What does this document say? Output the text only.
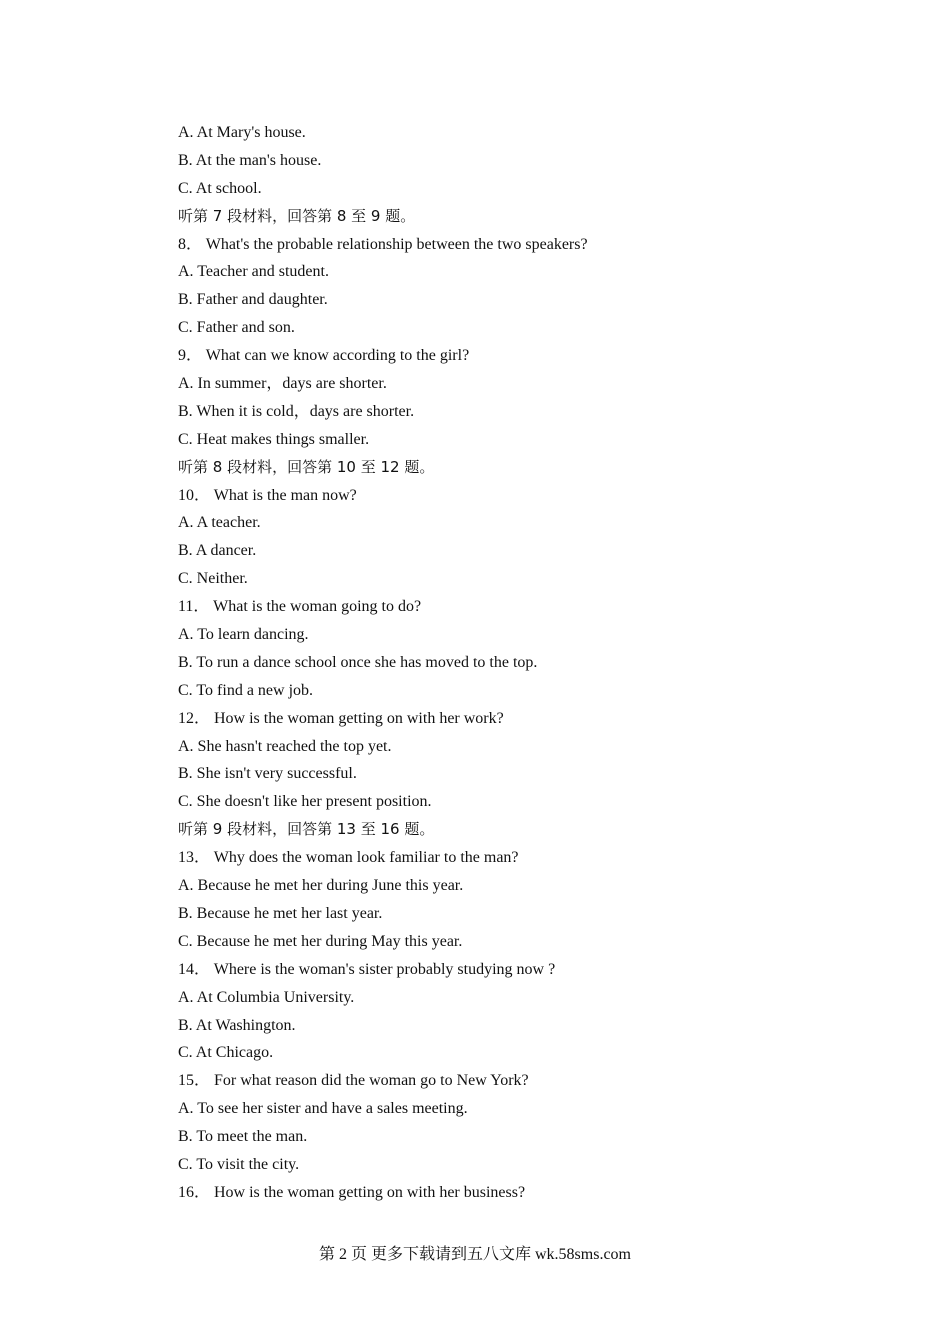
A. At Mary's house.
B. At the man's house.
C. At school.
听第 7 段材料，回答第 8 至 9 题。
8． What's the probable relationship between the two speakers?
A. Teacher and student.
B. Father and daughter.
C. Father and son.
9． What can we know according to the girl?
A. In summer，days are shorter.
B. When it is cold，days are shorter.
C. Heat makes things smaller.
听第 8 段材料，回答第 10 至 12 题。
10． What is the man now?
A. A teacher.
B. A dancer.
C. Neither.
11． What is the woman going to do?
A. To learn dancing.
B. To run a dance school once she has moved to the top.
C. To find a new job.
12． How is the woman getting on with her work?
A. She hasn't reached the top yet.
B. She isn't very successful.
C. She doesn't like her present position.
听第 9 段材料，回答第 13 至 16 题。
13． Why does the woman look familiar to the man?
A. Because he met her during June this year.
B. Because he met her last year.
C. Because he met her during May this year.
14． Where is the woman's sister probably studying now ?
A. At Columbia University.
B. At Washington.
C. At Chicago.
15． For what reason did the woman go to New York?
A. To see her sister and have a sales meeting.
B. To meet the man.
C. To visit the city.
16． How is the woman getting on with her business?
第 2 页 更多下载请到五八文库 wk.58sms.com
